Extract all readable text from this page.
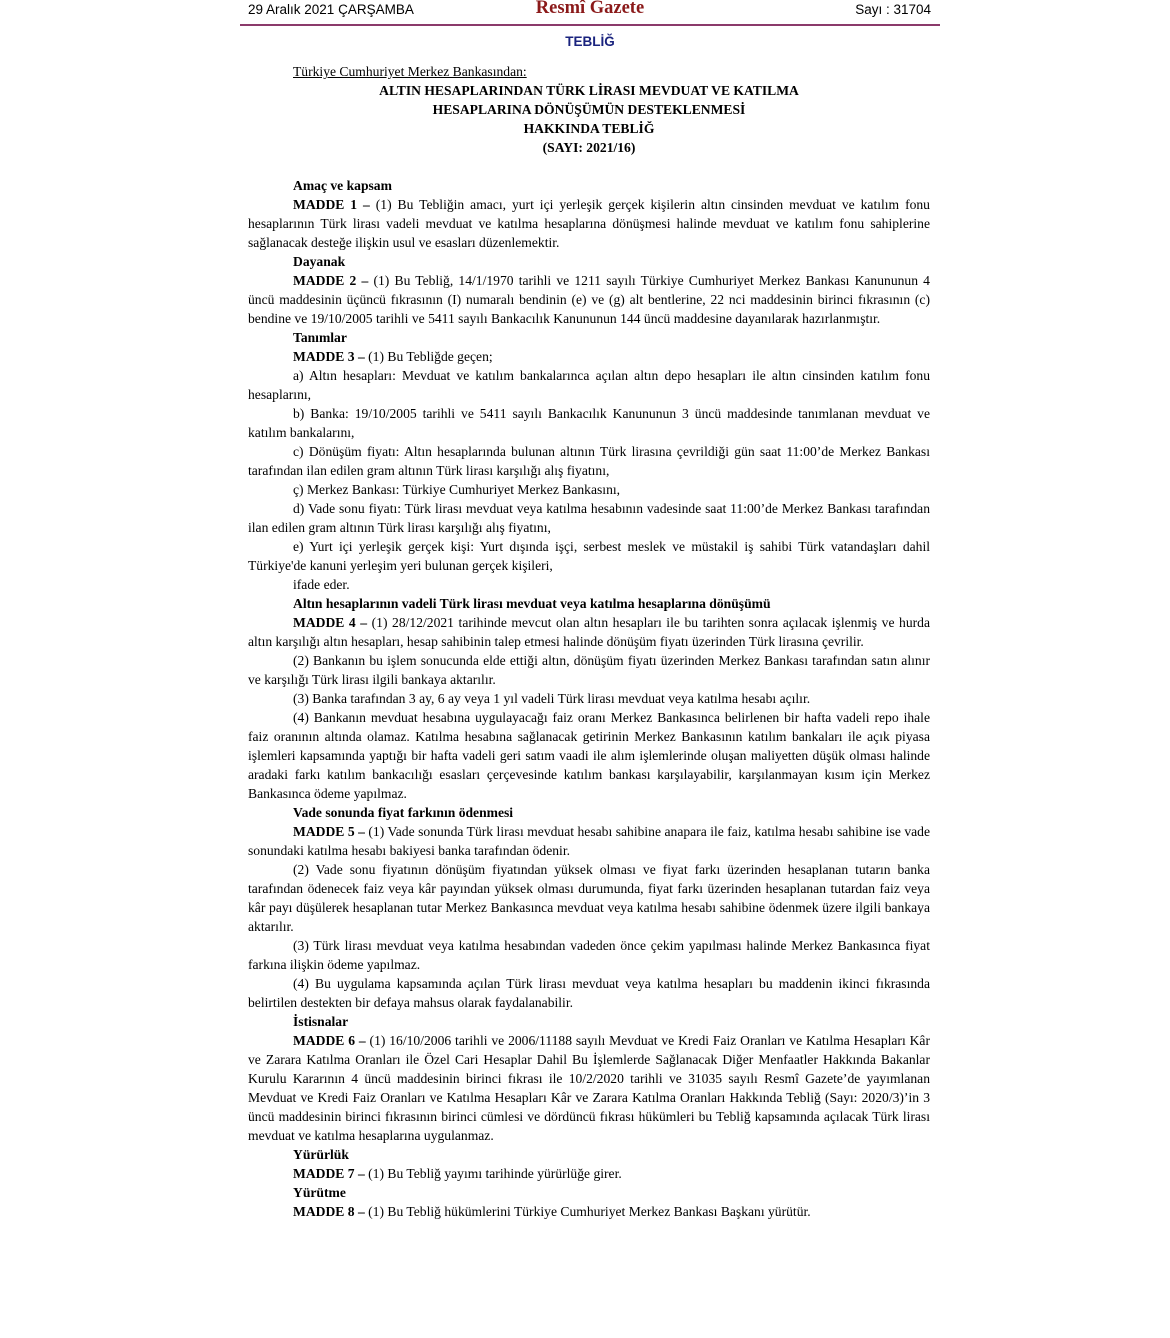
29 Aralık 2021 ÇARŞAMBA	Resmî Gazete	Sayı : 31704
TEBLİĞ
Türkiye Cumhuriyet Merkez Bankasından:
ALTIN HESAPLARINDAN TÜRK LİRASI MEVDUAT VE KATILMA
HESAPLARINA DÖNÜŞÜMÜN DESTEKLENMESİ
HAKKINDA TEBLİĞ
(SAYI: 2021/16)
Amaç ve kapsam

MADDE 1 – (1) Bu Tebliğin amacı, yurt içi yerleşik gerçek kişilerin altın cinsinden mevduat ve katılım fonu hesaplarının Türk lirası vadeli mevduat ve katılma hesaplarına dönüşmesi halinde mevduat ve katılım fonu sahiplerine sağlanacak desteğe ilişkin usul ve esasları düzenlemektir.

Dayanak

MADDE 2 – (1) Bu Tebliğ, 14/1/1970 tarihli ve 1211 sayılı Türkiye Cumhuriyet Merkez Bankası Kanununun 4 üncü maddesinin üçüncü fıkrasının (I) numaralı bendinin (e) ve (g) alt bentlerine, 22 nci maddesinin birinci fıkrasının (c) bendine ve 19/10/2005 tarihli ve 5411 sayılı Bankacılık Kanununun 144 üncü maddesine dayanılarak hazırlanmıştır.

Tanımlar

MADDE 3 – (1) Bu Tebliğde geçen;

a) Altın hesapları: Mevduat ve katılım bankalarınca açılan altın depo hesapları ile altın cinsinden katılım fonu hesaplarını,

b) Banka: 19/10/2005 tarihli ve 5411 sayılı Bankacılık Kanununun 3 üncü maddesinde tanımlanan mevduat ve katılım bankalarını,

c) Dönüşüm fiyatı: Altın hesaplarında bulunan altının Türk lirasına çevrildiği gün saat 11:00’de Merkez Bankası tarafından ilan edilen gram altının Türk lirası karşılığı alış fiyatını,

ç) Merkez Bankası: Türkiye Cumhuriyet Merkez Bankasını,

d) Vade sonu fiyatı: Türk lirası mevduat veya katılma hesabının vadesinde saat 11:00’de Merkez Bankası tarafından ilan edilen gram altının Türk lirası karşılığı alış fiyatını,

e) Yurt içi yerleşik gerçek kişi: Yurt dışında işçi, serbest meslek ve müstakil iş sahibi Türk vatandaşları dahil Türkiye'de kanuni yerleşim yeri bulunan gerçek kişileri,

ifade eder.

Altın hesaplarının vadeli Türk lirası mevduat veya katılma hesaplarına dönüşümü

MADDE 4 – (1) 28/12/2021 tarihinde mevcut olan altın hesapları ile bu tarihten sonra açılacak işlenmiş ve hurda altın karşılığı altın hesapları, hesap sahibinin talep etmesi halinde dönüşüm fiyatı üzerinden Türk lirasına çevrilir.

(2) Bankanın bu işlem sonucunda elde ettiği altın, dönüşüm fiyatı üzerinden Merkez Bankası tarafından satın alınır ve karşılığı Türk lirası ilgili bankaya aktarılır.

(3) Banka tarafından 3 ay, 6 ay veya 1 yıl vadeli Türk lirası mevduat veya katılma hesabı açılır.

(4) Bankanın mevduat hesabına uygulayacağı faiz oranı Merkez Bankasınca belirlenen bir hafta vadeli repo ihale faiz oranının altında olamaz. Katılma hesabına sağlanacak getirinin Merkez Bankasının katılım bankaları ile açık piyasa işlemleri kapsamında yaptığı bir hafta vadeli geri satım vaadi ile alım işlemlerinde oluşan maliyetten düşük olması halinde aradaki farkı katılım bankacılığı esasları çerçevesinde katılım bankası karşılayabilir, karşılanmayan kısım için Merkez Bankasınca ödeme yapılmaz.

Vade sonunda fiyat farkının ödenmesi

MADDE 5 – (1) Vade sonunda Türk lirası mevduat hesabı sahibine anapara ile faiz, katılma hesabı sahibine ise vade sonundaki katılma hesabı bakiyesi banka tarafından ödenir.

(2) Vade sonu fiyatının dönüşüm fiyatından yüksek olması ve fiyat farkı üzerinden hesaplanan tutarın banka tarafından ödenecek faiz veya kâr payından yüksek olması durumunda, fiyat farkı üzerinden hesaplanan tutardan faiz veya kâr payı düşülerek hesaplanan tutar Merkez Bankasınca mevduat veya katılma hesabı sahibine ödenmek üzere ilgili bankaya aktarılır.

(3) Türk lirası mevduat veya katılma hesabından vadeden önce çekim yapılması halinde Merkez Bankasınca fiyat farkına ilişkin ödeme yapılmaz.

(4) Bu uygulama kapsamında açılan Türk lirası mevduat veya katılma hesapları bu maddenin ikinci fıkrasında belirtilen destekten bir defaya mahsus olarak faydalanabilir.

İstisnalar

MADDE 6 – (1) 16/10/2006 tarihli ve 2006/11188 sayılı Mevduat ve Kredi Faiz Oranları ve Katılma Hesapları Kâr ve Zarara Katılma Oranları ile Özel Cari Hesaplar Dahil Bu İşlemlerde Sağlanacak Diğer Menfaatler Hakkında Bakanlar Kurulu Kararının 4 üncü maddesinin birinci fıkrası ile 10/2/2020 tarihli ve 31035 sayılı Resmî Gazete’de yayımlanan Mevduat ve Kredi Faiz Oranları ve Katılma Hesapları Kâr ve Zarara Katılma Oranları Hakkında Tebliğ (Sayı: 2020/3)’in 3 üncü maddesinin birinci fıkrasının birinci cümlesi ve dördüncü fıkrası hükümleri bu Tebliğ kapsamında açılacak Türk lirası mevduat ve katılma hesaplarına uygulanmaz.

Yürürlük

MADDE 7 – (1) Bu Tebliğ yayımı tarihinde yürürlüğe girer.

Yürütme

MADDE 8 – (1) Bu Tebliğ hükümlerini Türkiye Cumhuriyet Merkez Bankası Başkanı yürütür.
